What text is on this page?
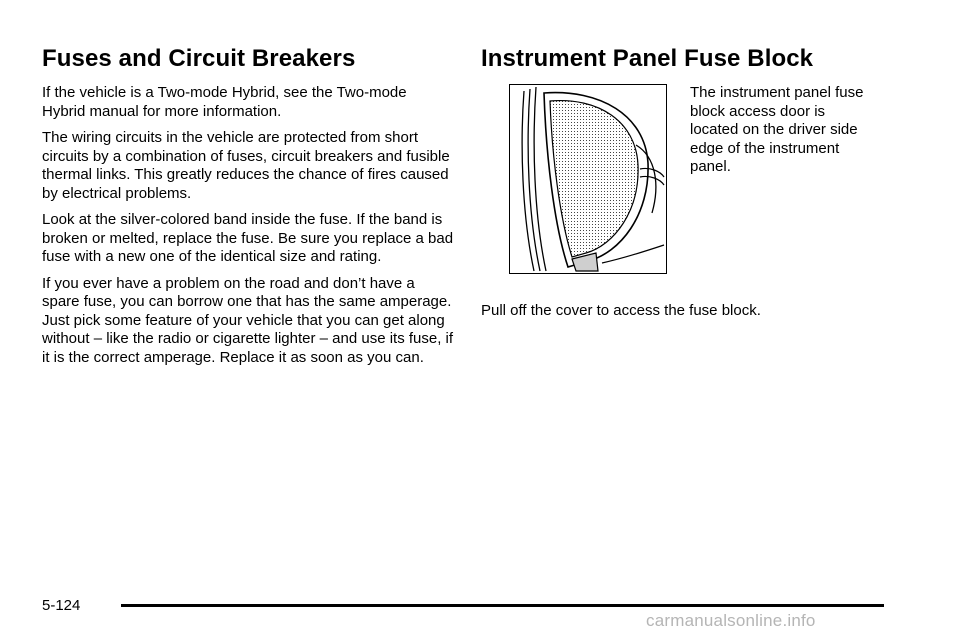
Fuses and Circuit Breakers

If the vehicle is a Two-mode Hybrid, see the Two-mode Hybrid manual for more information.

The wiring circuits in the vehicle are protected from short circuits by a combination of fuses, circuit breakers and fusible thermal links. This greatly reduces the chance of fires caused by electrical problems.

Look at the silver-colored band inside the fuse. If the band is broken or melted, replace the fuse. Be sure you replace a bad fuse with a new one of the identical size and rating.

If you ever have a problem on the road and don’t have a spare fuse, you can borrow one that has the same amperage. Just pick some feature of your vehicle that you can get along without – like the radio or cigarette lighter – and use its fuse, if it is the correct amperage. Replace it as soon as you can.

Instrument Panel Fuse Block
The instrument panel fuse block access door is located on the driver side edge of the instrument panel.

Pull off the cover to access the fuse block.

5-124
carmanualsonline.info
